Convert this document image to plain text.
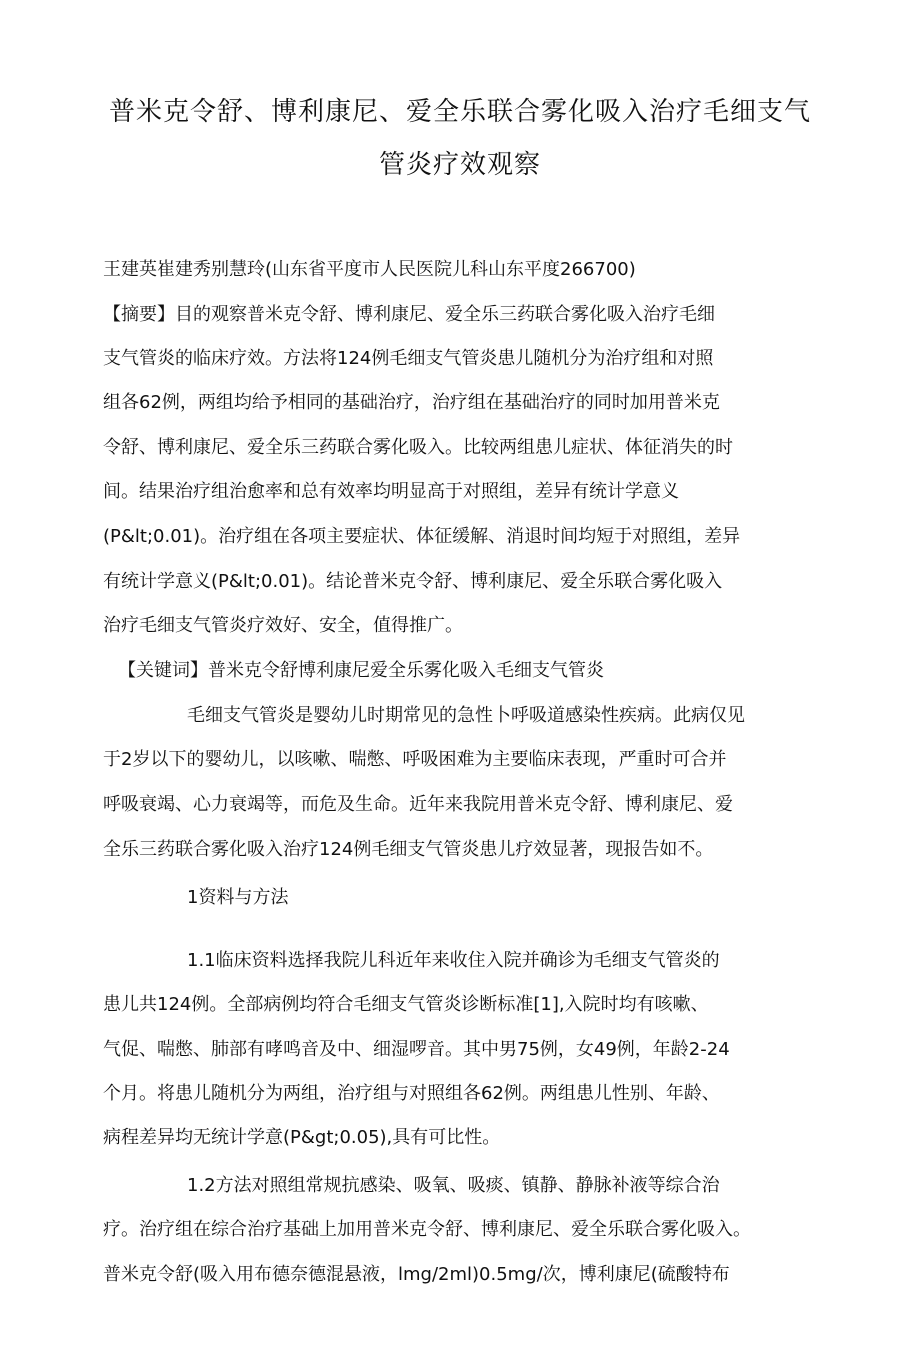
普米克令舒、博利康尼、爱全乐联合雾化吸入治疗毛细支气
管炎疗效观察
王建英崔建秀别慧玲(山东省平度市人民医院儿科山东平度266700)
【摘要】目的观察普米克令舒、博利康尼、爱全乐三药联合雾化吸入治疗毛细
支气管炎的临床疗效。方法将124例毛细支气管炎患儿随机分为治疗组和对照
组各62例，两组均给予相同的基础治疗，治疗组在基础治疗的同时加用普米克
令舒、博利康尼、爱全乐三药联合雾化吸入。比较两组患儿症状、体征消失的时
间。结果治疗组治愈率和总有效率均明显高于对照组，差异有统计学意义
(P&lt;0.01)。治疗组在各项主要症状、体征缓解、消退时间均短于对照组，差异
有统计学意义(P&lt;0.01)。结论普米克令舒、博利康尼、爱全乐联合雾化吸入
治疗毛细支气管炎疗效好、安全，值得推广。
【关键词】普米克令舒博利康尼爱全乐雾化吸入毛细支气管炎
毛细支气管炎是婴幼儿时期常见的急性卜呼吸道感染性疾病。此病仅见
于2岁以下的婴幼儿，以咳嗽、喘憋、呼吸困难为主要临床表现，严重时可合并
呼吸衰竭、心力衰竭等，而危及生命。近年来我院用普米克令舒、博利康尼、爱
全乐三药联合雾化吸入治疗124例毛细支气管炎患儿疗效显著，现报告如不。
1资料与方法
1.1临床资料选择我院儿科近年来收住入院并确诊为毛细支气管炎的
患儿共124例。全部病例均符合毛细支气管炎诊断标准[1],入院时均有咳嗽、
气促、喘憋、肺部有哮鸣音及中、细湿啰音。其中男75例，女49例，年龄2-24
个月。将患儿随机分为两组，治疗组与对照组各62例。两组患儿性别、年龄、
病程差异均无统计学意(P&gt;0.05),具有可比性。
1.2方法对照组常规抗感染、吸氧、吸痰、镇静、静脉补液等综合治
疗。治疗组在综合治疗基础上加用普米克令舒、博利康尼、爱全乐联合雾化吸入。
普米克令舒(吸入用布德奈德混悬液，lmg/2ml)0.5mg/次，博利康尼(硫酸特布
